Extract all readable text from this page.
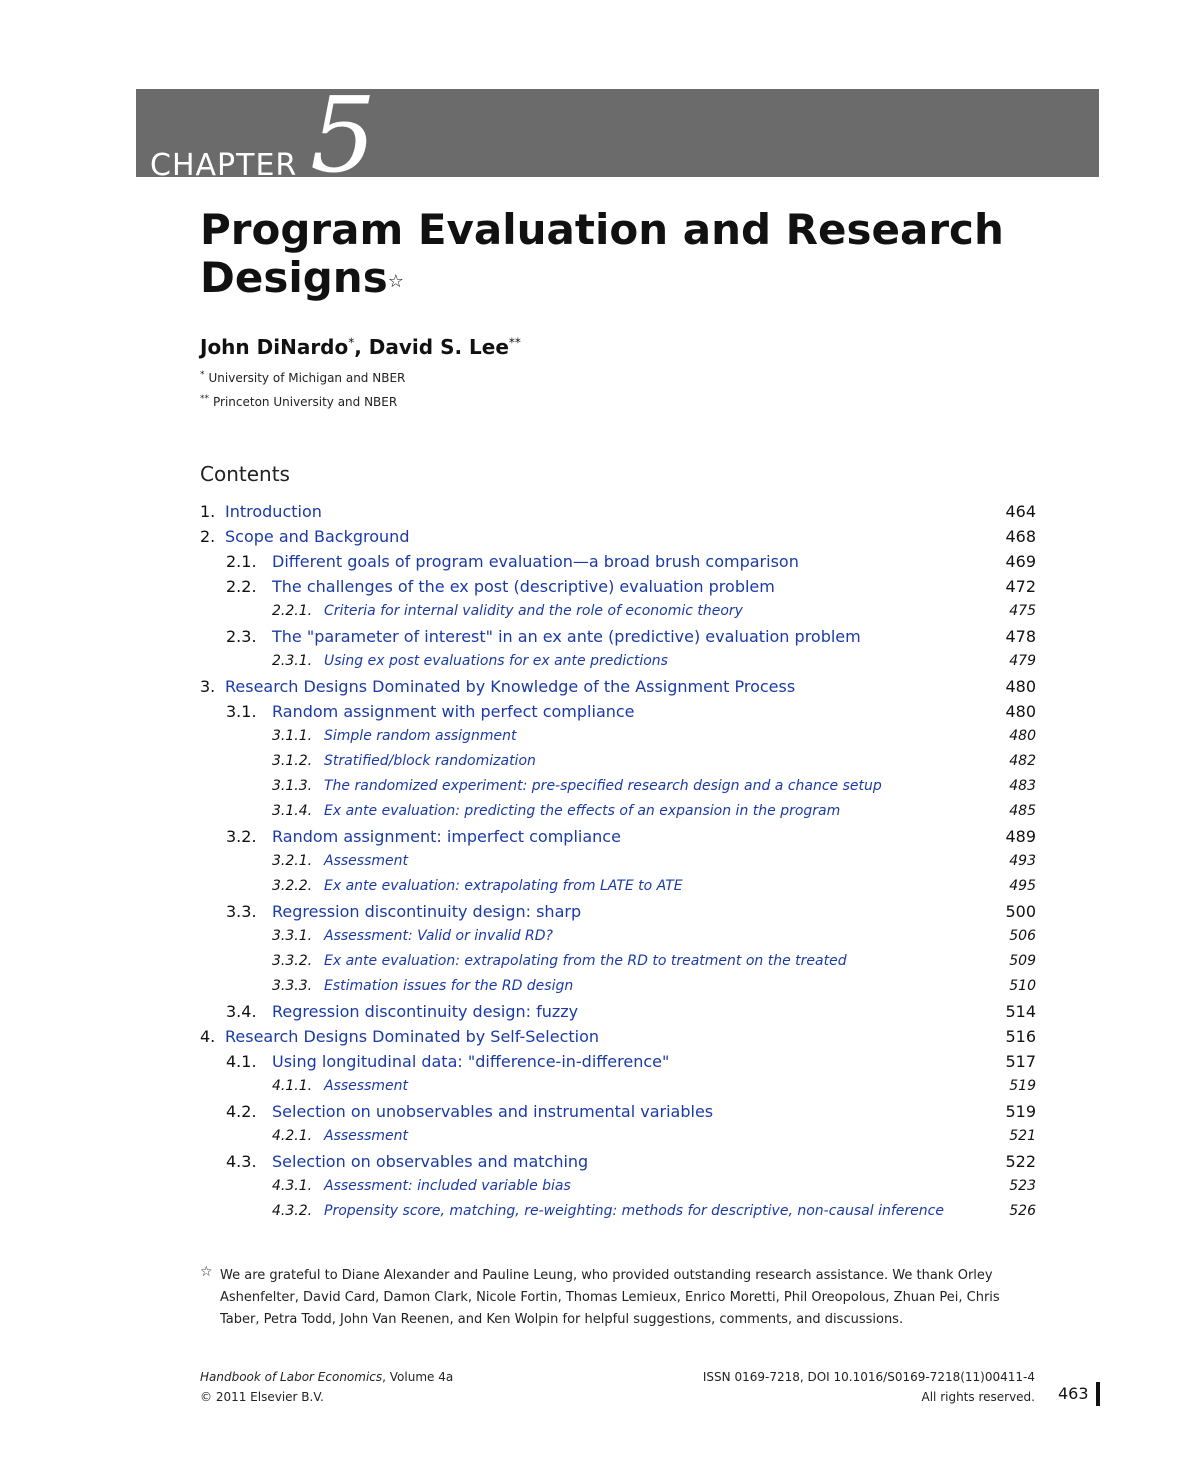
CHAPTER 5
Program Evaluation and Research
Designs☆
John DiNardo*, David S. Lee**
* University of Michigan and NBER
** Princeton University and NBER
Contents
1. Introduction	464
2. Scope and Background	468
2.1. Different goals of program evaluation—a broad brush comparison	469
2.2. The challenges of the ex post (descriptive) evaluation problem	472
2.2.1. Criteria for internal validity and the role of economic theory	475
2.3. The "parameter of interest" in an ex ante (predictive) evaluation problem	478
2.3.1. Using ex post evaluations for ex ante predictions	479
3. Research Designs Dominated by Knowledge of the Assignment Process	480
3.1. Random assignment with perfect compliance	480
3.1.1. Simple random assignment	480
3.1.2. Stratified/block randomization	482
3.1.3. The randomized experiment: pre-specified research design and a chance setup	483
3.1.4. Ex ante evaluation: predicting the effects of an expansion in the program	485
3.2. Random assignment: imperfect compliance	489
3.2.1. Assessment	493
3.2.2. Ex ante evaluation: extrapolating from LATE to ATE	495
3.3. Regression discontinuity design: sharp	500
3.3.1. Assessment: Valid or invalid RD?	506
3.3.2. Ex ante evaluation: extrapolating from the RD to treatment on the treated	509
3.3.3. Estimation issues for the RD design	510
3.4. Regression discontinuity design: fuzzy	514
4. Research Designs Dominated by Self-Selection	516
4.1. Using longitudinal data: "difference-in-difference"	517
4.1.1. Assessment	519
4.2. Selection on unobservables and instrumental variables	519
4.2.1. Assessment	521
4.3. Selection on observables and matching	522
4.3.1. Assessment: included variable bias	523
4.3.2. Propensity score, matching, re-weighting: methods for descriptive, non-causal inference	526
☆ We are grateful to Diane Alexander and Pauline Leung, who provided outstanding research assistance. We thank Orley Ashenfelter, David Card, Damon Clark, Nicole Fortin, Thomas Lemieux, Enrico Moretti, Phil Oreopolous, Zhuan Pei, Chris Taber, Petra Todd, John Van Reenen, and Ken Wolpin for helpful suggestions, comments, and discussions.
Handbook of Labor Economics, Volume 4a
© 2011 Elsevier B.V.
ISSN 0169-7218, DOI 10.1016/S0169-7218(11)00411-4
All rights reserved. 463
